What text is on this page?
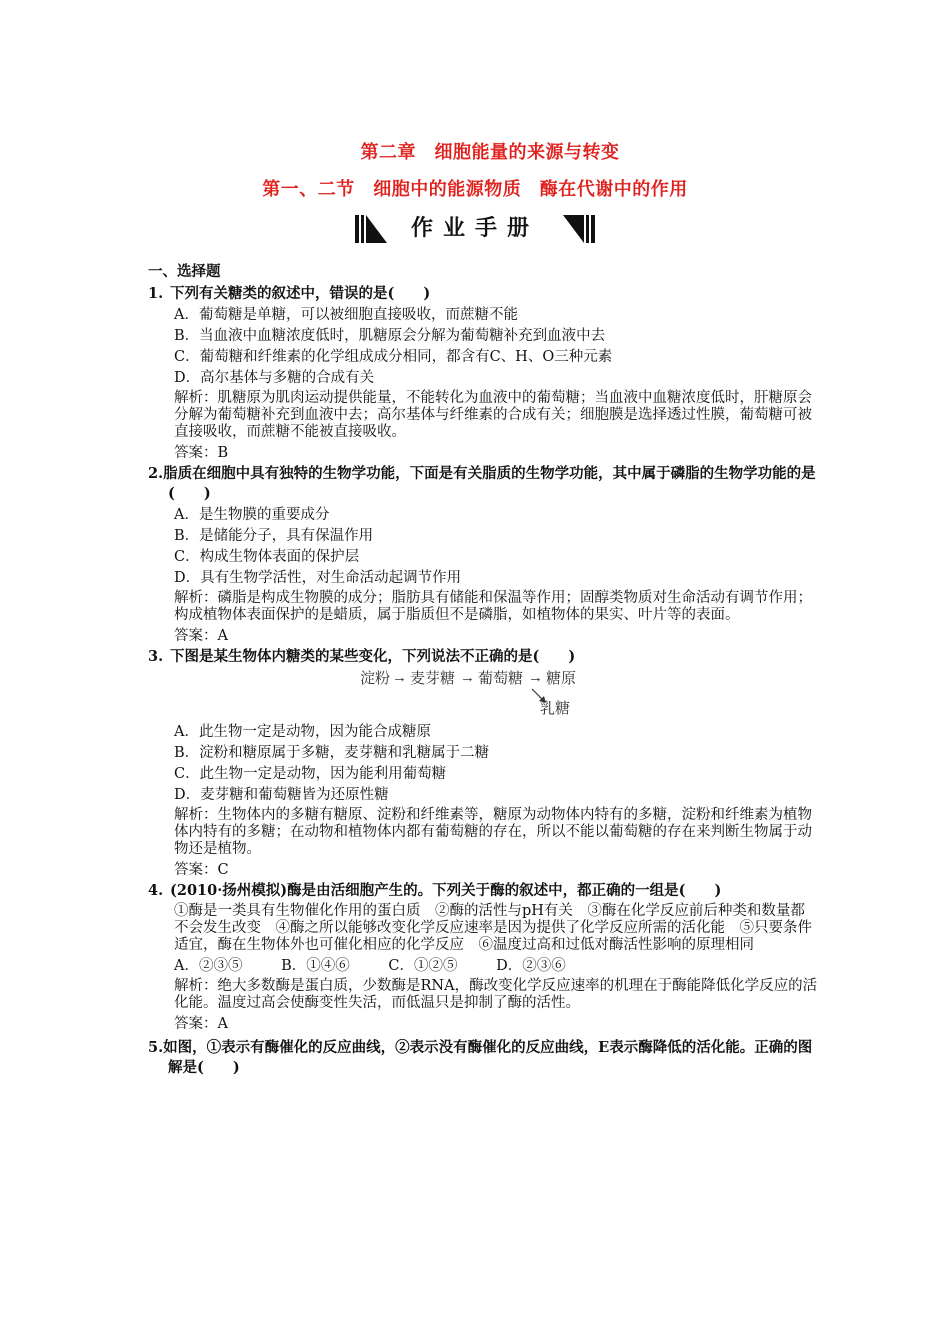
第二章　细胞能量的来源与转变
第一、二节　细胞中的能源物质　酶在代谢中的作用
作业手册
一、选择题
1. 下列有关糖类的叙述中，错误的是(　　)
A．葡萄糖是单糖，可以被细胞直接吸收，而蔗糖不能
B．当血液中血糖浓度低时，肌糖原会分解为葡萄糖补充到血液中去
C．葡萄糖和纤维素的化学组成成分相同，都含有C、H、O三种元素
D．高尔基体与多糖的合成有关
解析：肌糖原为肌肉运动提供能量，不能转化为血液中的葡萄糖；当血液中血糖浓度低时，肝糖原会分解为葡萄糖补充到血液中去；高尔基体与纤维素的合成有关；细胞膜是选择透过性膜，葡萄糖可被直接吸收，而蔗糖不能被直接吸收。
答案：B
2.脂质在细胞中具有独特的生物学功能，下面是有关脂质的生物学功能，其中属于磷脂的生物学功能的是(　　)
A．是生物膜的重要成分
B．是储能分子，具有保温作用
C．构成生物体表面的保护层
D．具有生物学活性，对生命活动起调节作用
解析：磷脂是构成生物膜的成分；脂肪具有储能和保温等作用；固醇类物质对生命活动有调节作用；构成植物体表面保护的是蜡质，属于脂质但不是磷脂，如植物体的果实、叶片等的表面。
答案：A
3. 下图是某生物体内糖类的某些变化，下列说法不正确的是(　　)
淀粉 → 麦芽糖 → 葡萄糖 → 糖原
乳糖
A．此生物一定是动物，因为能合成糖原
B．淀粉和糖原属于多糖，麦芽糖和乳糖属于二糖
C．此生物一定是动物，因为能利用葡萄糖
D．麦芽糖和葡萄糖皆为还原性糖
解析：生物体内的多糖有糖原、淀粉和纤维素等，糖原为动物体内特有的多糖，淀粉和纤维素为植物体内特有的多糖；在动物和植物体内都有葡萄糖的存在，所以不能以葡萄糖的存在来判断生物属于动物还是植物。
答案：C
4. (2010·扬州模拟)酶是由活细胞产生的。下列关于酶的叙述中，都正确的一组是(　　)
①酶是一类具有生物催化作用的蛋白质　②酶的活性与pH有关　③酶在化学反应前后种类和数量都不会发生改变　④酶之所以能够改变化学反应速率是因为提供了化学反应所需的活化能　⑤只要条件适宜，酶在生物体外也可催化相应的化学反应　⑥温度过高和过低对酶活性影响的原理相同
A．②③⑤	B．①④⑥	C．①②⑤	D．②③⑥
解析：绝大多数酶是蛋白质，少数酶是RNA，酶改变化学反应速率的机理在于酶能降低化学反应的活化能。温度过高会使酶变性失活，而低温只是抑制了酶的活性。
答案：A
5.如图，①表示有酶催化的反应曲线，②表示没有酶催化的反应曲线，E表示酶降低的活化能。正确的图解是(　　)
